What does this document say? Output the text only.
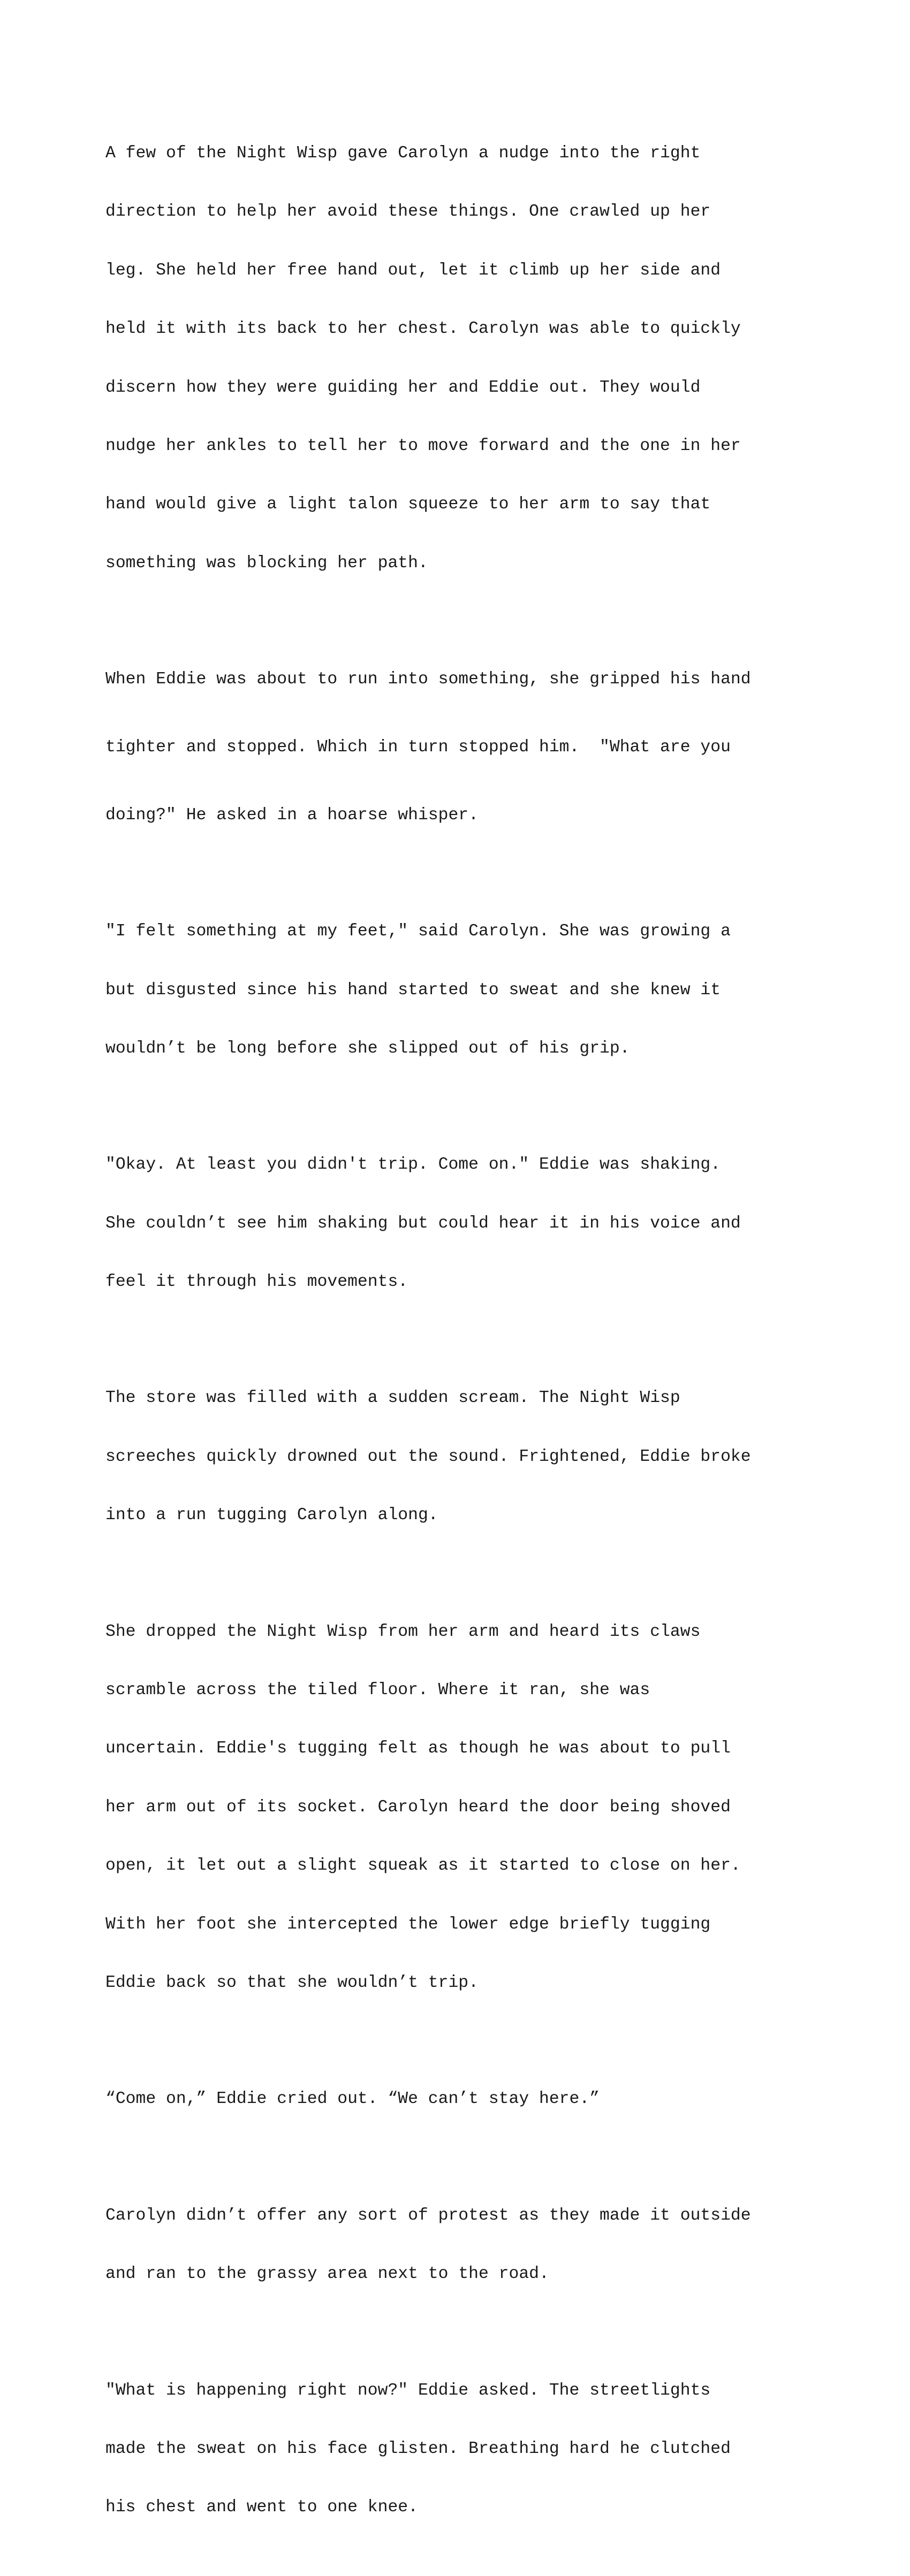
A few of the Night Wisp gave Carolyn a nudge into the right

direction to help her avoid these things. One crawled up her

leg. She held her free hand out, let it climb up her side and

held it with its back to her chest. Carolyn was able to quickly

discern how they were guiding her and Eddie out. They would

nudge her ankles to tell her to move forward and the one in her

hand would give a light talon squeeze to her arm to say that

something was blocking her path.

When Eddie was about to run into something, she gripped his hand

tighter and stopped. Which in turn stopped him.  "What are you

doing?" He asked in a hoarse whisper.

"I felt something at my feet," said Carolyn. She was growing a

but disgusted since his hand started to sweat and she knew it

wouldn’t be long before she slipped out of his grip.

"Okay. At least you didn't trip. Come on." Eddie was shaking.

She couldn’t see him shaking but could hear it in his voice and

feel it through his movements.

The store was filled with a sudden scream. The Night Wisp

screeches quickly drowned out the sound. Frightened, Eddie broke

into a run tugging Carolyn along.

She dropped the Night Wisp from her arm and heard its claws

scramble across the tiled floor. Where it ran, she was

uncertain. Eddie's tugging felt as though he was about to pull

her arm out of its socket. Carolyn heard the door being shoved

open, it let out a slight squeak as it started to close on her.

With her foot she intercepted the lower edge briefly tugging

Eddie back so that she wouldn’t trip.

“Come on,” Eddie cried out. “We can’t stay here.”

Carolyn didn’t offer any sort of protest as they made it outside

and ran to the grassy area next to the road.

"What is happening right now?" Eddie asked. The streetlights

made the sweat on his face glisten. Breathing hard he clutched

his chest and went to one knee.
